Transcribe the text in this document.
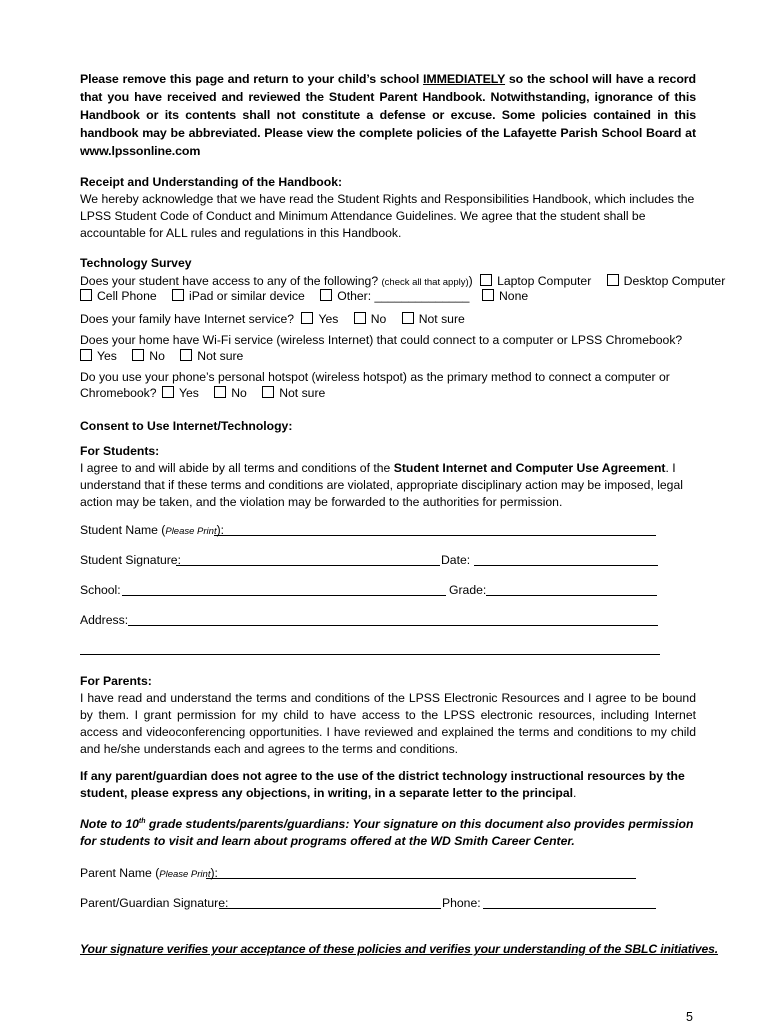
Please remove this page and return to your child’s school IMMEDIATELY so the school will have a record that you have received and reviewed the Student Parent Handbook. Notwithstanding, ignorance of this Handbook or its contents shall not constitute a defense or excuse. Some policies contained in this handbook may be abbreviated. Please view the complete policies of the Lafayette Parish School Board at www.lpssonline.com
Receipt and Understanding of the Handbook:
We hereby acknowledge that we have read the Student Rights and Responsibilities Handbook, which includes the LPSS Student Code of Conduct and Minimum Attendance Guidelines. We agree that the student shall be accountable for ALL rules and regulations in this Handbook.
Technology Survey
Does your student have access to any of the following? (check all that apply)) Laptop Computer	Desktop Computer
Cell Phone	iPad or similar device	Other: ______________	None
Does your family have Internet service? Yes	No	Not sure
Does your home have Wi-Fi service (wireless Internet) that could connect to a computer or LPSS Chromebook?
Yes	No	Not sure
Do you use your phone’s personal hotspot (wireless hotspot) as the primary method to connect a computer or
Chromebook? Yes	No	Not sure
Consent to Use Internet/Technology:
For Students:
I agree to and will abide by all terms and conditions of the Student Internet and Computer Use Agreement. I understand that if these terms and conditions are violated, appropriate disciplinary action may be imposed, legal action may be taken, and the violation may be forwarded to the authorities for permission.
Student Name (Please Print):
Student Signature:	Date:
School:	Grade:
Address:
For Parents:
I have read and understand the terms and conditions of the LPSS Electronic Resources and I agree to be bound by them. I grant permission for my child to have access to the LPSS electronic resources, including Internet access and videoconferencing opportunities. I have reviewed and explained the terms and conditions to my child and he/she understands each and agrees to the terms and conditions.
If any parent/guardian does not agree to the use of the district technology instructional resources by the student, please express any objections, in writing, in a separate letter to the principal.
Note to 10th grade students/parents/guardians: Your signature on this document also provides permission for students to visit and learn about programs offered at the WD Smith Career Center.
Parent Name (Please Print):
Parent/Guardian Signature:	Phone:
Your signature verifies your acceptance of these policies and verifies your understanding of the SBLC initiatives.
5
